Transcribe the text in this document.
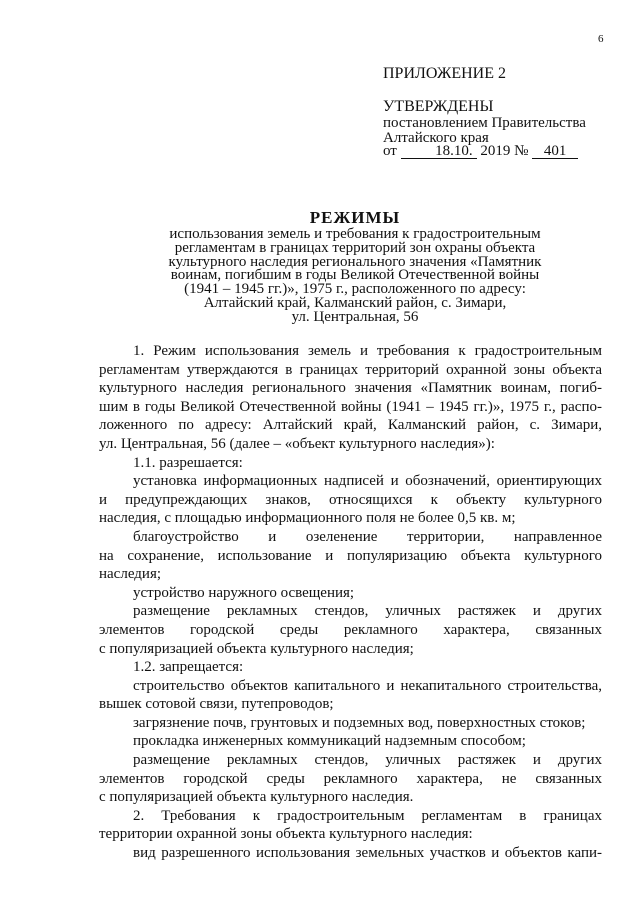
6
ПРИЛОЖЕНИЕ 2
УТВЕРЖДЕНЫ
постановлением Правительства
Алтайского края
от	18.10. 2019 № 401
РЕЖИМЫ
использования земель и требования к градостроительным
регламентам в границах территорий зон охраны объекта
культурного наследия регионального значения «Памятник
воинам, погибшим в годы Великой Отечественной войны
(1941 – 1945 гг.)», 1975 г., расположенного по адресу:
Алтайский край, Калманский район, с. Зимари,
ул. Центральная, 56
1. Режим использования земель и требования к градостроительным
регламентам утверждаются в границах территорий охранной зоны объекта
культурного наследия регионального значения «Памятник воинам, погиб-
шим в годы Великой Отечественной войны (1941 – 1945 гг.)», 1975 г., распо-
ложенного по адресу: Алтайский край, Калманский район, с. Зимари,
ул. Центральная, 56 (далее – «объект культурного наследия»):
1.1. разрешается:
установка информационных надписей и обозначений, ориентирующих
и предупреждающих знаков, относящихся к объекту культурного
наследия, с площадью информационного поля не более 0,5 кв. м;
благоустройство и озеленение территории, направленное
на сохранение, использование и популяризацию объекта культурного
наследия;
устройство наружного освещения;
размещение рекламных стендов, уличных растяжек и других
элементов городской среды рекламного характера, связанных
с популяризацией объекта культурного наследия;
1.2. запрещается:
строительство объектов капитального и некапитального строительства,
вышек сотовой связи, путепроводов;
загрязнение почв, грунтовых и подземных вод, поверхностных стоков;
прокладка инженерных коммуникаций надземным способом;
размещение рекламных стендов, уличных растяжек и других
элементов городской среды рекламного характера, не связанных
с популяризацией объекта культурного наследия.
2. Требования к градостроительным регламентам в границах
территории охранной зоны объекта культурного наследия:
вид разрешенного использования земельных участков и объектов капи-
